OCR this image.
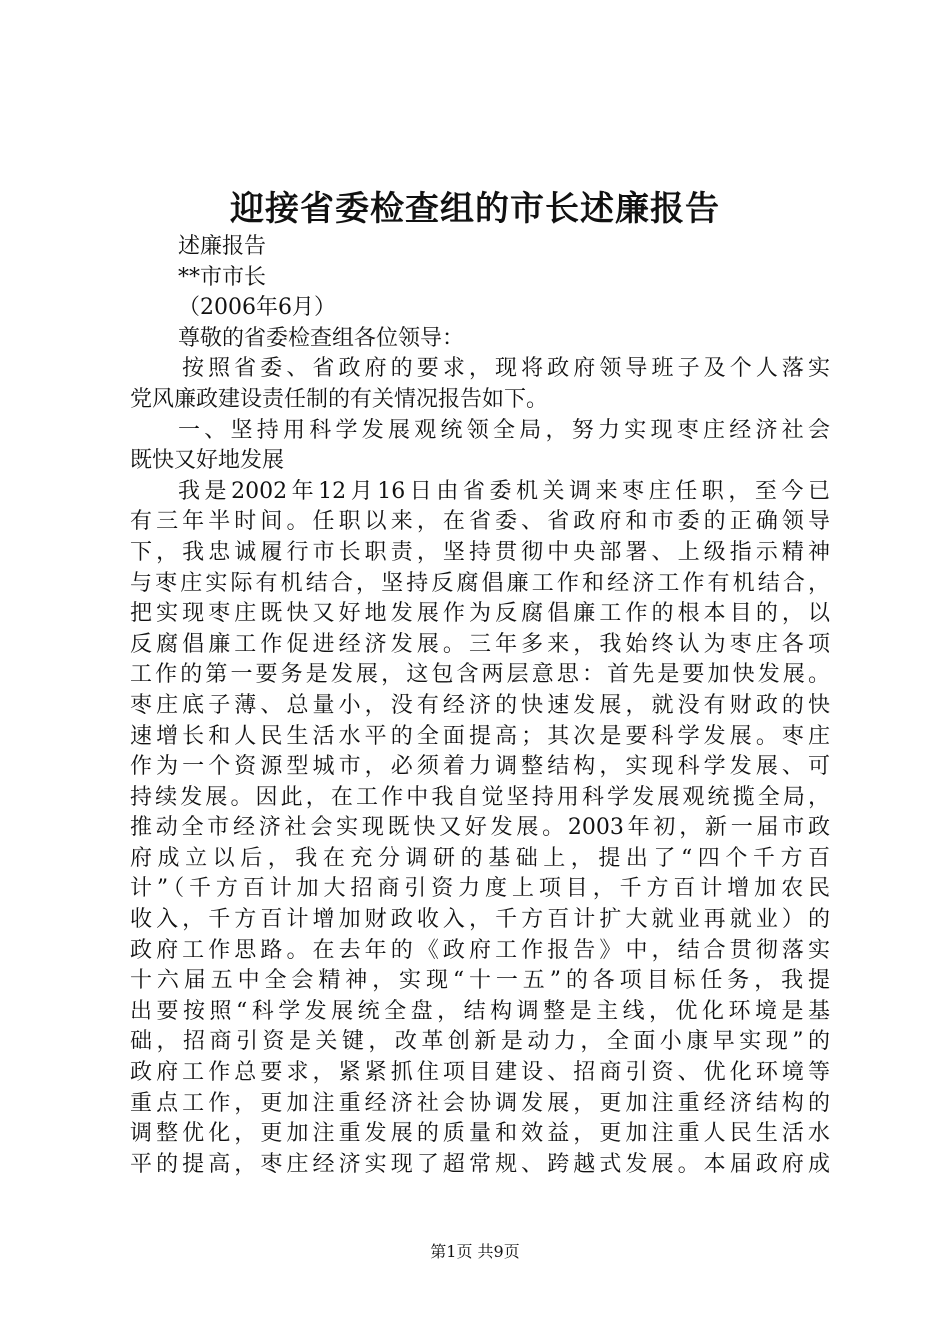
迎接省委检查组的市长述廉报告
述廉报告
**市市长
（2006年6月）
尊敬的省委检查组各位领导：
按照省委、省政府的要求，现将政府领导班子及个人落实
党风廉政建设责任制的有关情况报告如下。
一、坚持用科学发展观统领全局，努力实现枣庄经济社会
既快又好地发展
我是2002年12月16日由省委机关调来枣庄任职，至今已
有三年半时间。任职以来，在省委、省政府和市委的正确领导
下，我忠诚履行市长职责，坚持贯彻中央部署、上级指示精神
与枣庄实际有机结合，坚持反腐倡廉工作和经济工作有机结合，
把实现枣庄既快又好地发展作为反腐倡廉工作的根本目的，以
反腐倡廉工作促进经济发展。三年多来，我始终认为枣庄各项
工作的第一要务是发展，这包含两层意思：首先是要加快发展。
枣庄底子薄、总量小，没有经济的快速发展，就没有财政的快
速增长和人民生活水平的全面提高；其次是要科学发展。枣庄
作为一个资源型城市，必须着力调整结构，实现科学发展、可
持续发展。因此，在工作中我自觉坚持用科学发展观统揽全局，
推动全市经济社会实现既快又好发展。2003年初，新一届市政
府成立以后，我在充分调研的基础上，提出了“四个千方百
计”（千方百计加大招商引资力度上项目，千方百计增加农民
收入，千方百计增加财政收入，千方百计扩大就业再就业）的
政府工作思路。在去年的《政府工作报告》中，结合贯彻落实
十六届五中全会精神，实现“十一五”的各项目标任务，我提
出要按照“科学发展统全盘，结构调整是主线，优化环境是基
础，招商引资是关键，改革创新是动力，全面小康早实现”的
政府工作总要求，紧紧抓住项目建设、招商引资、优化环境等
重点工作，更加注重经济社会协调发展，更加注重经济结构的
调整优化，更加注重发展的质量和效益，更加注重人民生活水
平的提高，枣庄经济实现了超常规、跨越式发展。本届政府成
第1页 共9页
